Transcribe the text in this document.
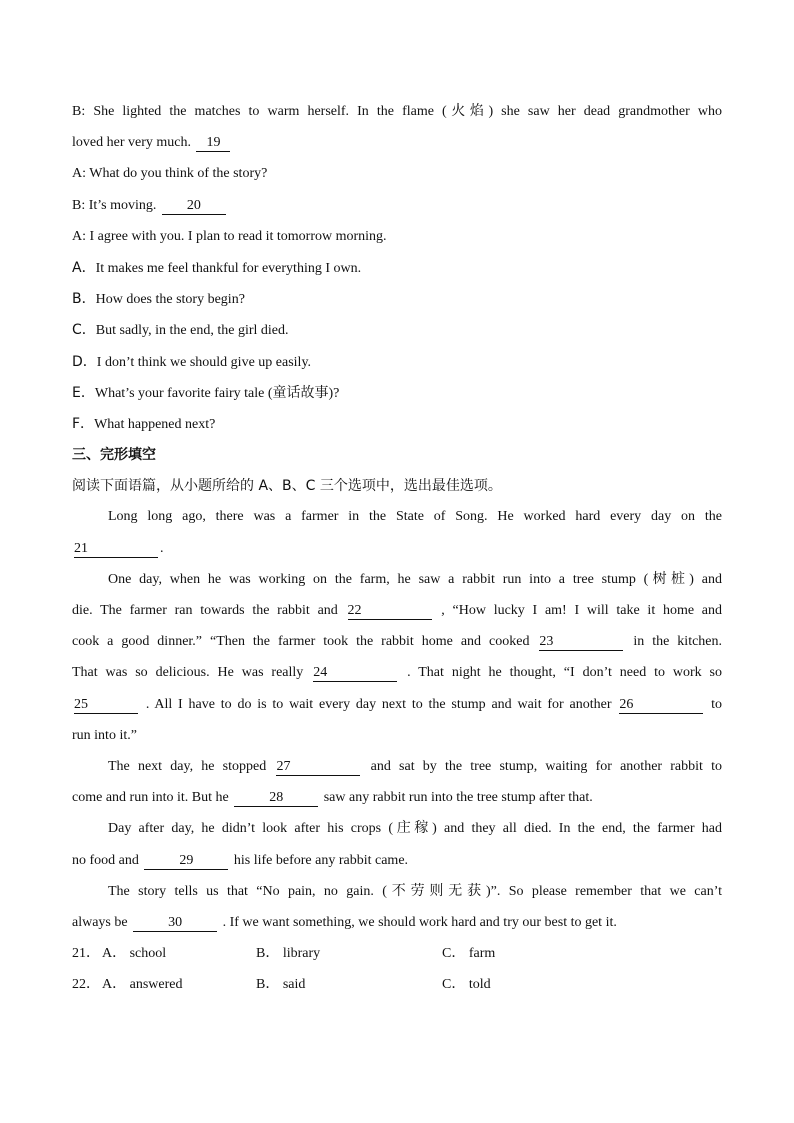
B: She lighted the matches to warm herself. In the flame (火焰) she saw her dead grandmother who
loved her very much. 19
A: What do you think of the story?
B: It’s moving. 20
A: I agree with you. I plan to read it tomorrow morning.
A．It makes me feel thankful for everything I own.
B．How does the story begin?
C．But sadly, in the end, the girl died.
D．I don’t think we should give up easily.
E．What’s your favorite fairy tale (童话故事)?
F．What happened next?
三、完形填空
阅读下面语篇，从小题所给的 A、B、C 三个选项中，选出最佳选项。
Long long ago, there was a farmer in the State of Song. He worked hard every day on the
21	.
One day, when he was working on the farm, he saw a rabbit run into a tree stump (树桩) and
die. The farmer ran towards the rabbit and 22	, “How lucky I am! I will take it home and
cook a good dinner.” “Then the farmer took the rabbit home and cooked 23	in the kitchen.
That was so delicious. He was really 24	. That night he thought, “I don’t need to work so
25	. All I have to do is to wait every day next to the stump and wait for another 26	to
run into it.”
The next day, he stopped 27	and sat by the tree stump, waiting for another rabbit to
come and run into it. But he	28	saw any rabbit run into the tree stump after that.
Day after day, he didn’t look after his crops (庄稼) and they all died. In the end, the farmer had
no food and	29	his life before any rabbit came.
The story tells us that “No pain, no gain. (不劳则无获)”. So please remember that we can’t
always be	30	. If we want something, we should work hard and try our best to get it.
21． A． school	B． library	C． farm
22． A． answered	B． said	C． told
